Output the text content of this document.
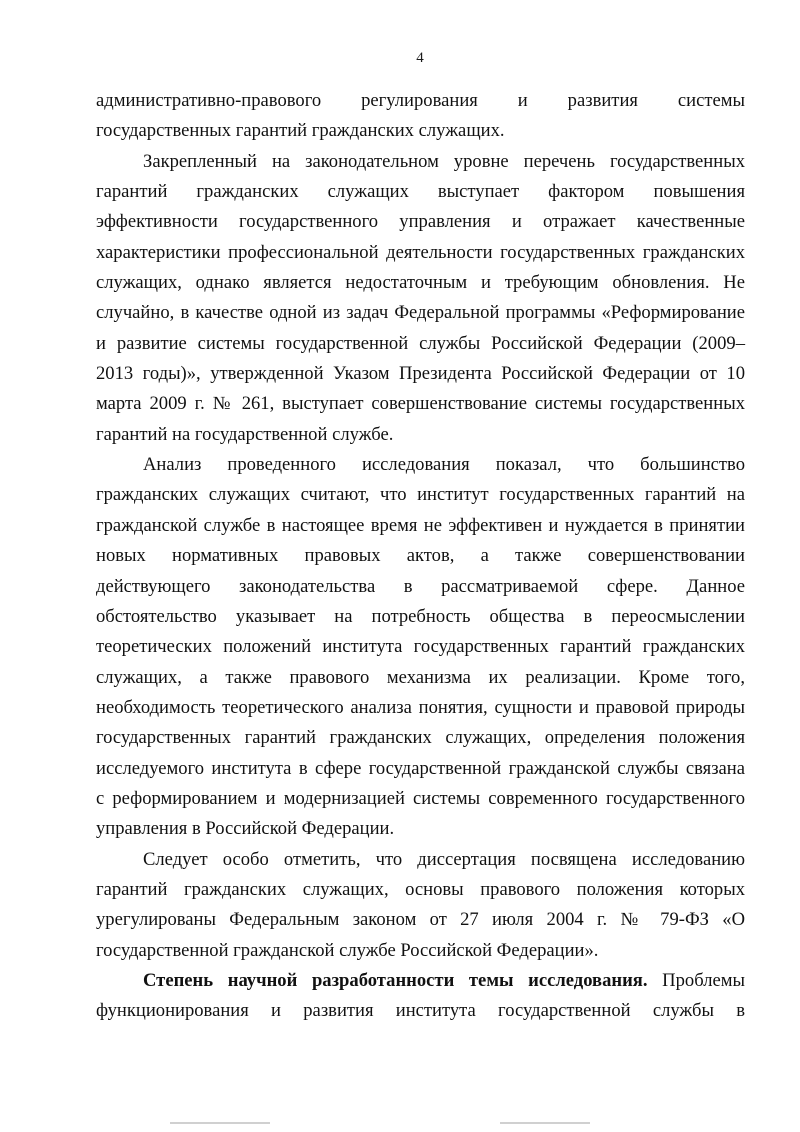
4
административно-правового регулирования и развития системы
государственных гарантий гражданских служащих.
Закрепленный на законодательном уровне перечень государственных
гарантий гражданских служащих выступает фактором повышения
эффективности государственного управления и отражает качественные
характеристики профессиональной деятельности государственных гражданских
служащих, однако является недостаточным и требующим обновления. Не
случайно, в качестве одной из задач Федеральной программы «Реформирование
и развитие системы государственной службы Российской Федерации (2009–
2013 годы)», утвержденной Указом Президента Российской Федерации от 10
марта 2009 г. № 261, выступает совершенствование системы государственных
гарантий на государственной службе.
Анализ проведенного исследования показал, что большинство
гражданских служащих считают, что институт государственных гарантий на
гражданской службе в настоящее время не эффективен и нуждается в принятии
новых нормативных правовых актов, а также совершенствовании
действующего законодательства в рассматриваемой сфере. Данное
обстоятельство указывает на потребность общества в переосмыслении
теоретических положений института государственных гарантий гражданских
служащих, а также правового механизма их реализации. Кроме того,
необходимость теоретического анализа понятия, сущности и правовой природы
государственных гарантий гражданских служащих, определения положения
исследуемого института в сфере государственной гражданской службы связана
с реформированием и модернизацией системы современного государственного
управления в Российской Федерации.
Следует особо отметить, что диссертация посвящена исследованию
гарантий гражданских служащих, основы правового положения которых
урегулированы Федеральным законом от 27 июля 2004 г. № 79-ФЗ «О
государственной гражданской службе Российской Федерации».
Степень научной разработанности темы исследования. Проблемы
функционирования и развития института государственной службы в
